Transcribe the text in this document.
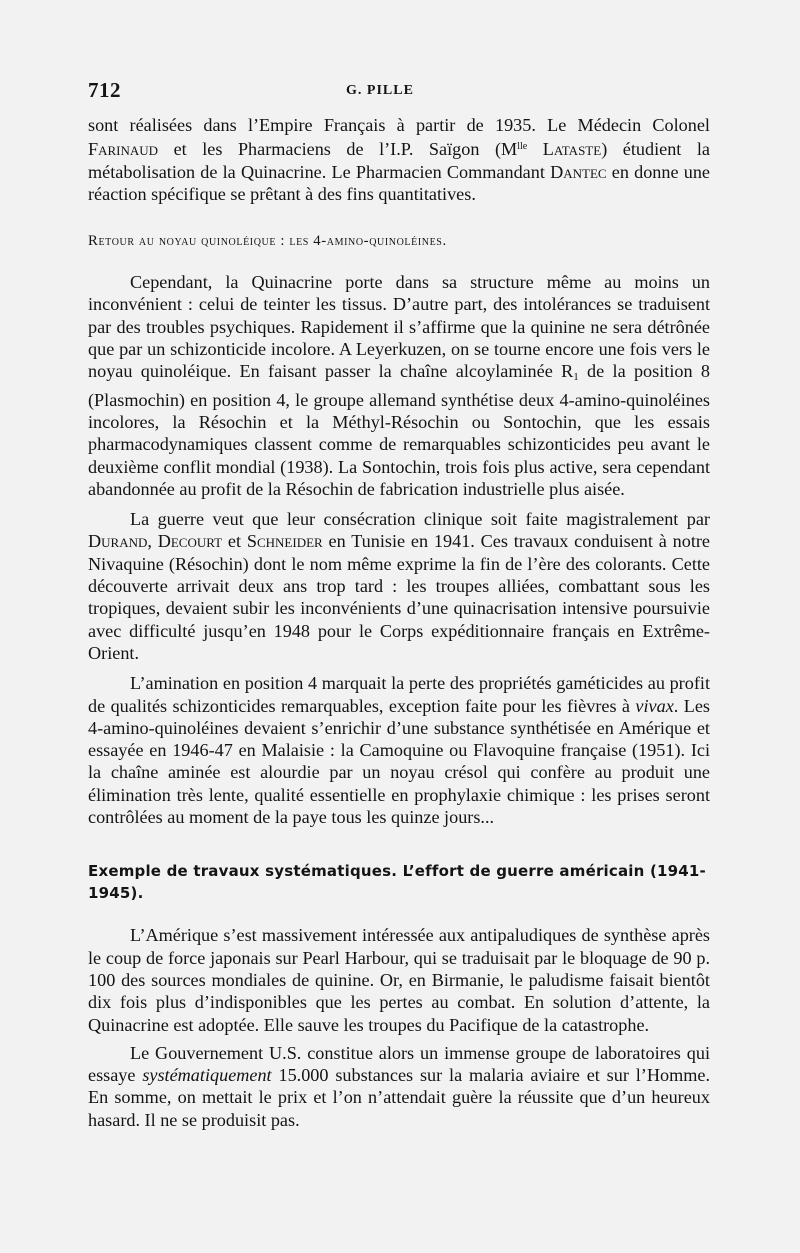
712	G. PILLE

sont réalisées dans l’Empire Français à partir de 1935. Le Médecin Colonel Farinaud et les Pharmaciens de l’I.P. Saïgon ($M^{lle}$ Lataste) étudient la métabolisation de la Quinacrine. Le Pharmacien Commandant Dantec en donne une réaction spécifique se prêtant à des fins quantitatives.

Retour au noyau quinoléique : les 4-amino-quinoléines.

Cependant, la Quinacrine porte dans sa structure même au moins un inconvénient : celui de teinter les tissus. D’autre part, des intolérances se traduisent par des troubles psychiques. Rapidement il s’affirme que la quinine ne sera détrônée que par un schizonticide incolore. A Leyerkuzen, on se tourne encore une fois vers le noyau quinoléique. En faisant passer la chaîne alcoylaminée $R_1$ de la position 8 (Plasmochin) en position 4, le groupe allemand synthétise deux 4-amino-quinoléines incolores, la Résochin et la Méthyl-Résochin ou Sontochin, que les essais pharmacodynamiques classent comme de remarquables schizonticides peu avant le deuxième conflit mondial (1938). La Sontochin, trois fois plus active, sera cependant abandonnée au profit de la Résochin de fabrication industrielle plus aisée.

La guerre veut que leur consécration clinique soit faite magistralement par Durand, Decourt et Schneider en Tunisie en 1941. Ces travaux conduisent à notre Nivaquine (Résochin) dont le nom même exprime la fin de l’ère des colorants. Cette découverte arrivait deux ans trop tard : les troupes alliées, combattant sous les tropiques, devaient subir les inconvénients d’une quinacrisation intensive poursuivie avec difficulté jusqu’en 1948 pour le Corps expéditionnaire français en Extrême-Orient.

L’amination en position 4 marquait la perte des propriétés gaméticides au profit de qualités schizonticides remarquables, exception faite pour les fièvres à vivax. Les 4-amino-quinoléines devaient s’enrichir d’une substance synthétisée en Amérique et essayée en 1946-47 en Malaisie : la Camoquine ou Flavoquine française (1951). Ici la chaîne aminée est alourdie par un noyau crésol qui confère au produit une élimination très lente, qualité essentielle en prophylaxie chimique : les prises seront contrôlées au moment de la paye tous les quinze jours...

Exemple de travaux systématiques. L’effort de guerre américain (1941-1945).

L’Amérique s’est massivement intéressée aux antipaludiques de synthèse après le coup de force japonais sur Pearl Harbour, qui se traduisait par le bloquage de 90 p. 100 des sources mondiales de quinine. Or, en Birmanie, le paludisme faisait bientôt dix fois plus d’indisponibles que les pertes au combat. En solution d’attente, la Quinacrine est adoptée. Elle sauve les troupes du Pacifique de la catastrophe.

Le Gouvernement U.S. constitue alors un immense groupe de laboratoires qui essaye systématiquement 15.000 substances sur la malaria aviaire et sur l’Homme. En somme, on mettait le prix et l’on n’attendait guère la réussite que d’un heureux hasard. Il ne se produisit pas.
